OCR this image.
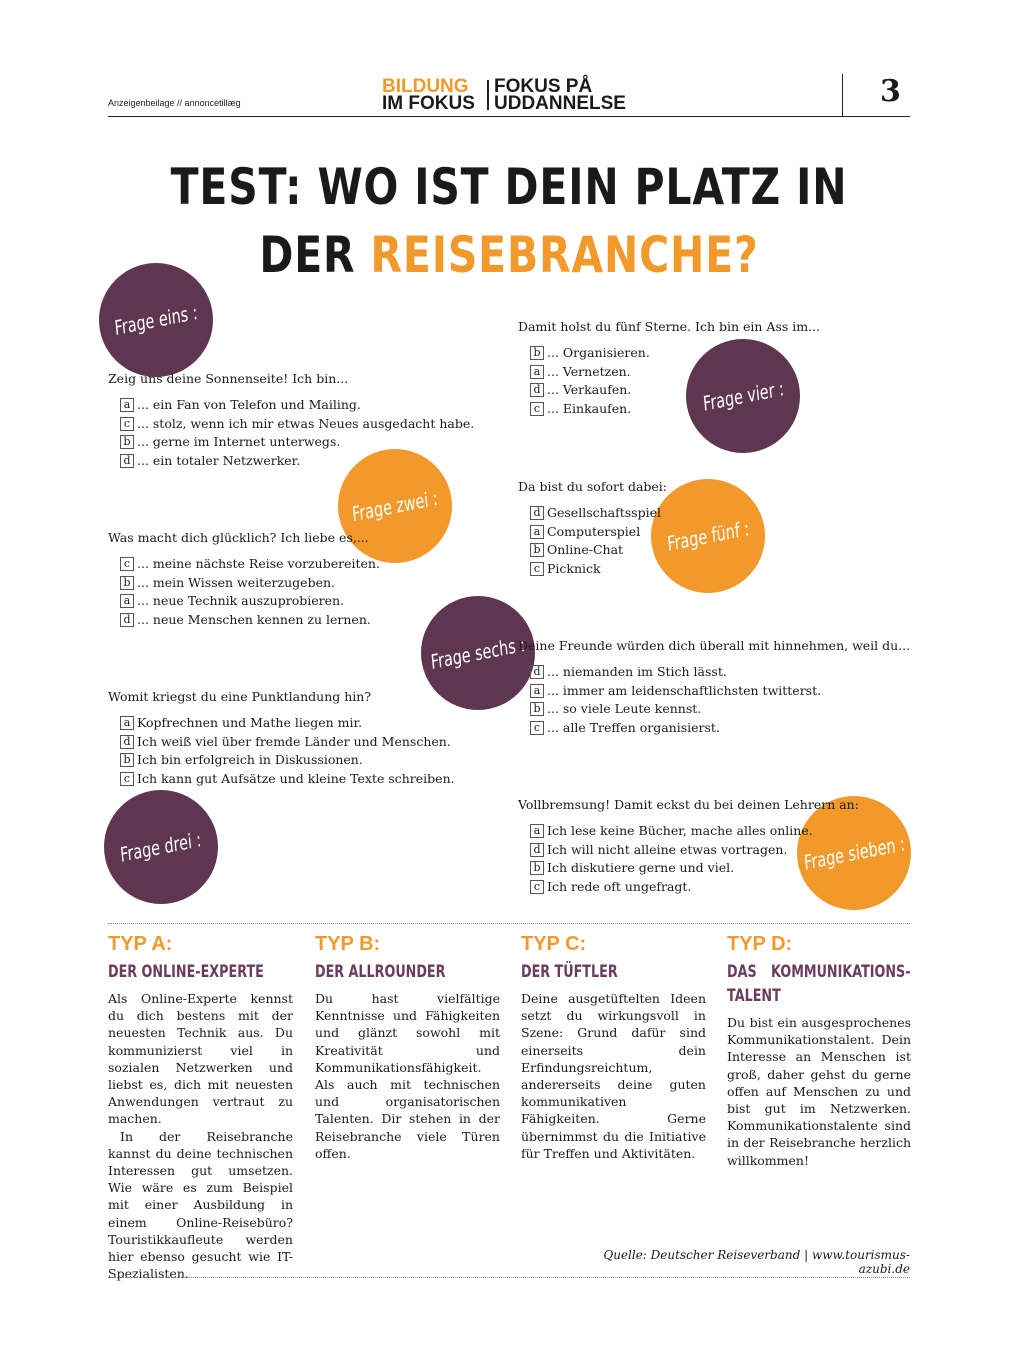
Anzeigenbeilage // annoncetillæg
BILDUNG
IM FOKUS
FOKUS PÅ
UDDANNELSE	3
TEST: WO IST DEIN PLATZ IN
DER REISEBRANCHE?
Frage eins :
Frage zwei :
Frage drei :
Frage vier :
Frage fünf :
Frage sechs :
Frage sieben :
Zeig uns deine Sonnenseite! Ich bin...
a ... ein Fan von Telefon und Mailing.
c ... stolz, wenn ich mir etwas Neues ausgedacht habe.
b ... gerne im Internet unterwegs.
d ... ein totaler Netzwerker.
Was macht dich glücklich? Ich liebe es,...
c ... meine nächste Reise vorzubereiten.
b ... mein Wissen weiterzugeben.
a ... neue Technik auszuprobieren.
d ... neue Menschen kennen zu lernen.
Womit kriegst du eine Punktlandung hin?
a Kopfrechnen und Mathe liegen mir.
d Ich weiß viel über fremde Länder und Menschen.
b Ich bin erfolgreich in Diskussionen.
c Ich kann gut Aufsätze und kleine Texte schreiben.
Damit holst du fünf Sterne. Ich bin ein Ass im...
b ... Organisieren.
a ... Vernetzen.
d ... Verkaufen.
c ... Einkaufen.
Da bist du sofort dabei:
d Gesellschaftsspiel
a Computerspiel
b Online-Chat
c Picknick
Deine Freunde würden dich überall mit hinnehmen, weil du...
d ... niemanden im Stich lässt.
a ... immer am leidenschaftlichsten twitterst.
b ... so viele Leute kennst.
c ... alle Treffen organisierst.
Vollbremsung! Damit eckst du bei deinen Lehrern an:
a Ich lese keine Bücher, mache alles online.
d Ich will nicht alleine etwas vortragen.
b Ich diskutiere gerne und viel.
c Ich rede oft ungefragt.
TYP A:
DER ONLINE-EXPERTE

Als Online-Experte kennst du dich bestens mit der neuesten Technik aus. Du kommunizierst viel in sozialen Netzwerken und liebst es, dich mit neuesten Anwendungen vertraut zu machen.

In der Reisebranche kannst du deine technischen Interessen gut umsetzen. Wie wäre es zum Beispiel mit einer Ausbildung in einem Online-Reisebüro? Touristikkaufleute werden hier ebenso gesucht wie IT-Spezialisten.

TYP B:
DER ALLROUNDER

Du hast vielfältige Kenntnisse und Fähigkeiten und glänzt sowohl mit Kreativität und Kommunikationsfähigkeit. Als auch mit technischen und organisatorischen Talenten. Dir stehen in der Reisebranche viele Türen offen.

TYP C:
DER TÜFTLER

Deine ausgetüftelten Ideen setzt du wirkungsvoll in Szene: Grund dafür sind einerseits dein Erfindungsreichtum, andererseits deine guten kommunikativen Fähigkeiten. Gerne übernimmst du die Initiative für Treffen und Aktivitäten.

TYP D:
DAS KOMMUNIKATIONS-TALENT

Du bist ein ausgesprochenes Kommunikationstalent. Dein Interesse an Menschen ist groß, daher gehst du gerne offen auf Menschen zu und bist gut im Netzwerken. Kommunikationstalente sind in der Reisebranche herzlich willkommen!

Quelle: Deutscher Reiseverband | www.tourismus-azubi.de
